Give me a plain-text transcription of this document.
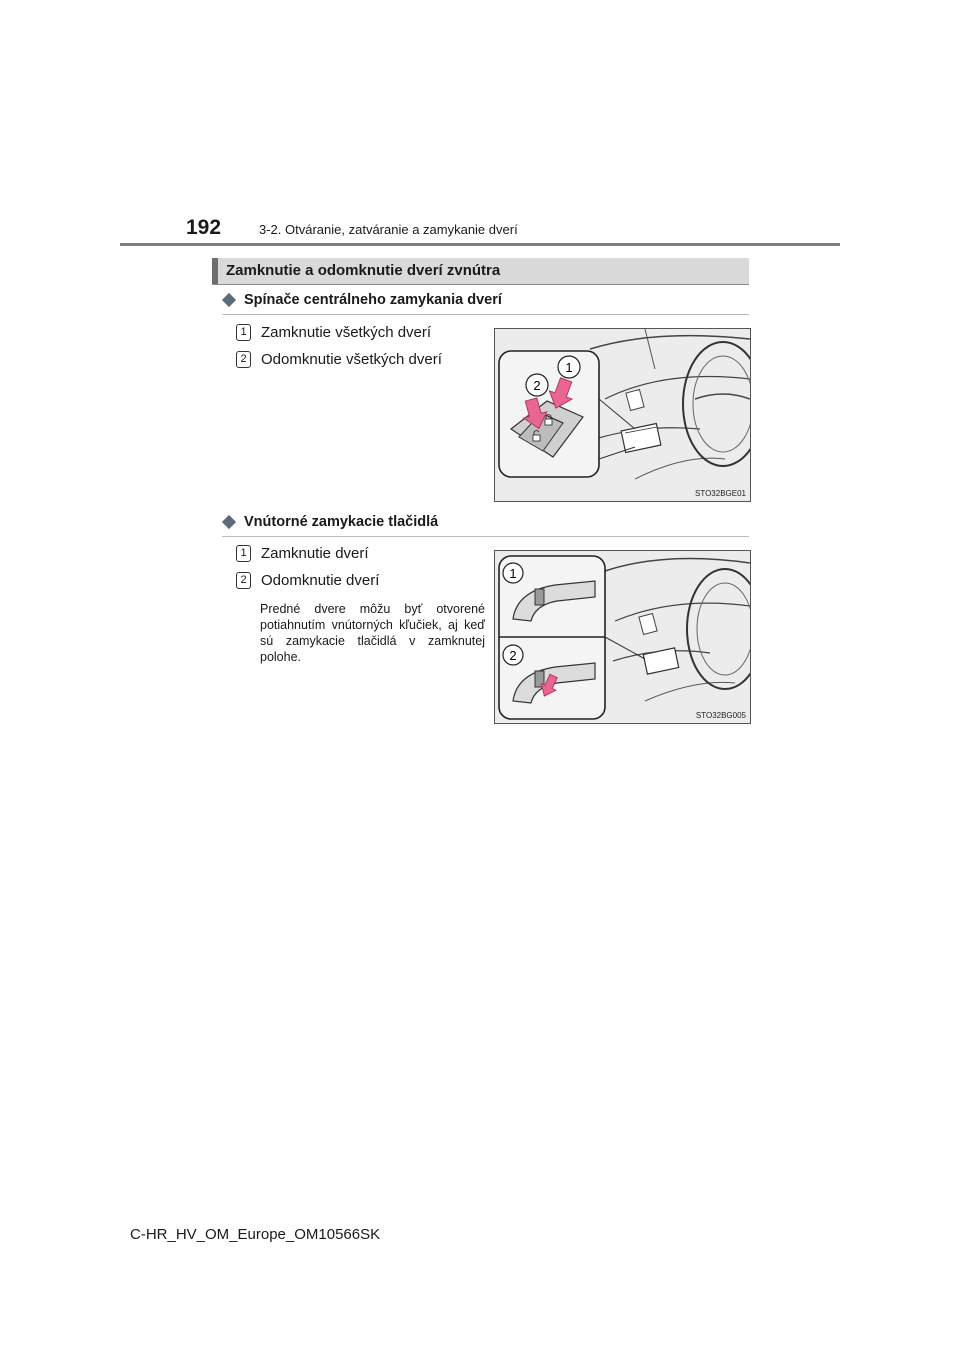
192	3-2. Otváranie, zatváranie a zamykanie dverí
Zamknutie a odomknutie dverí zvnútra
Spínače centrálneho zamykania dverí
1 Zamknutie všetkých dverí
2 Odomknutie všetkých dverí	1
2
STO32BGE01
Vnútorné zamykacie tlačidlá
1 Zamknutie dverí
2 Odomknutie dverí
Predné dvere môžu byť otvorené potiahnutím vnútorných kľučiek, aj keď sú zamykacie tlačidlá v zamknutej polohe.
1
2
STO32BG005
C-HR_HV_OM_Europe_OM10566SK
